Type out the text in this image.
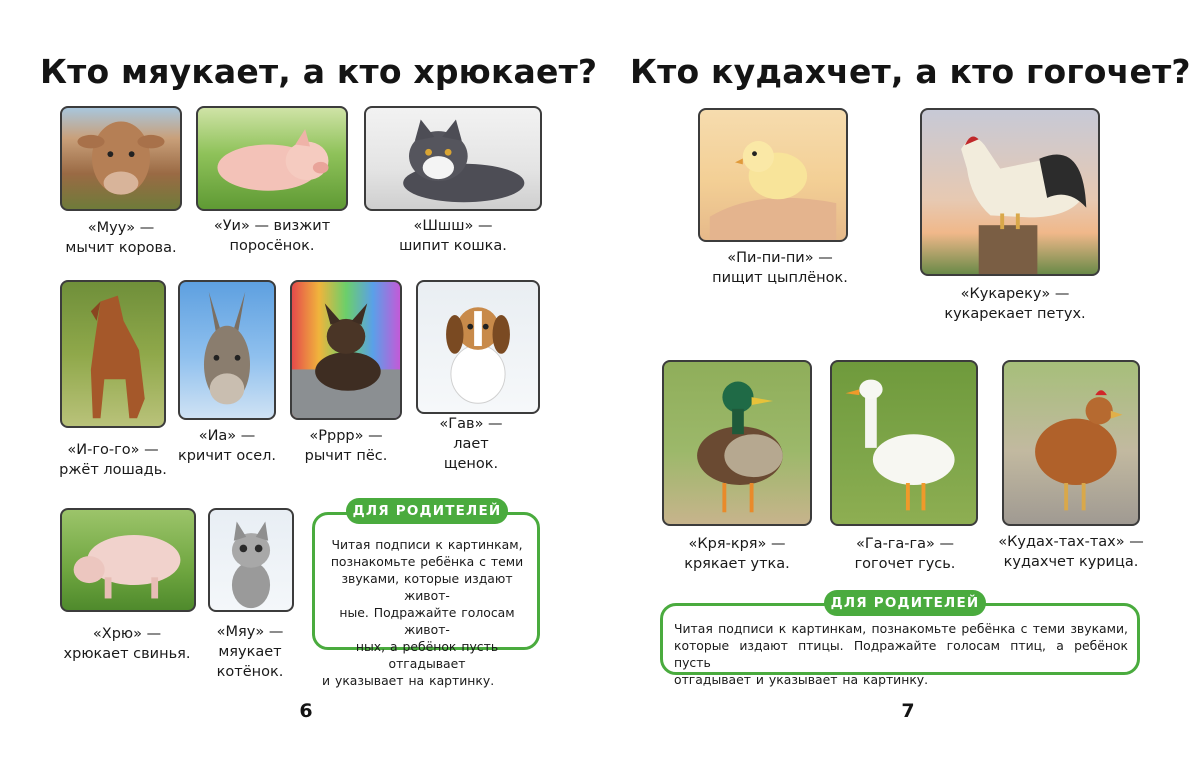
Кто мяукает, а кто хрюкает?
«Муу» —
мычит корова.
«Уи» — визжит
поросёнок.
«Шшш» —
шипит кошка.
«И-го-го» —
ржёт лошадь.
«Иа» —
кричит осел.
«Рррр» —
рычит пёс.
«Гав» —
лает
щенок.
«Хрю» —
хрюкает свинья.
«Мяу» —
мяукает
котёнок.
ДЛЯ РОДИТЕЛЕЙ
Читая подписи к картинкам,
познакомьте ребёнка с теми
звуками, которые издают живот-
ные. Подражайте голосам живот-
ных, а ребёнок пусть отгадывает
и указывает на картинку.
6
Кто кудахчет, а кто гогочет?
«Пи-пи-пи» —
пищит цыплёнок.
«Кукареку» —
кукарекает петух.
«Кря-кря» —
крякает утка.
«Га-га-га» —
гогочет гусь.
«Кудах-тах-тах» —
кудахчет курица.
ДЛЯ РОДИТЕЛЕЙ
Читая подписи к картинкам, познакомьте ребёнка с теми звуками,
которые издают птицы. Подражайте голосам птиц, а ребёнок пусть
отгадывает и указывает на картинку.
7
